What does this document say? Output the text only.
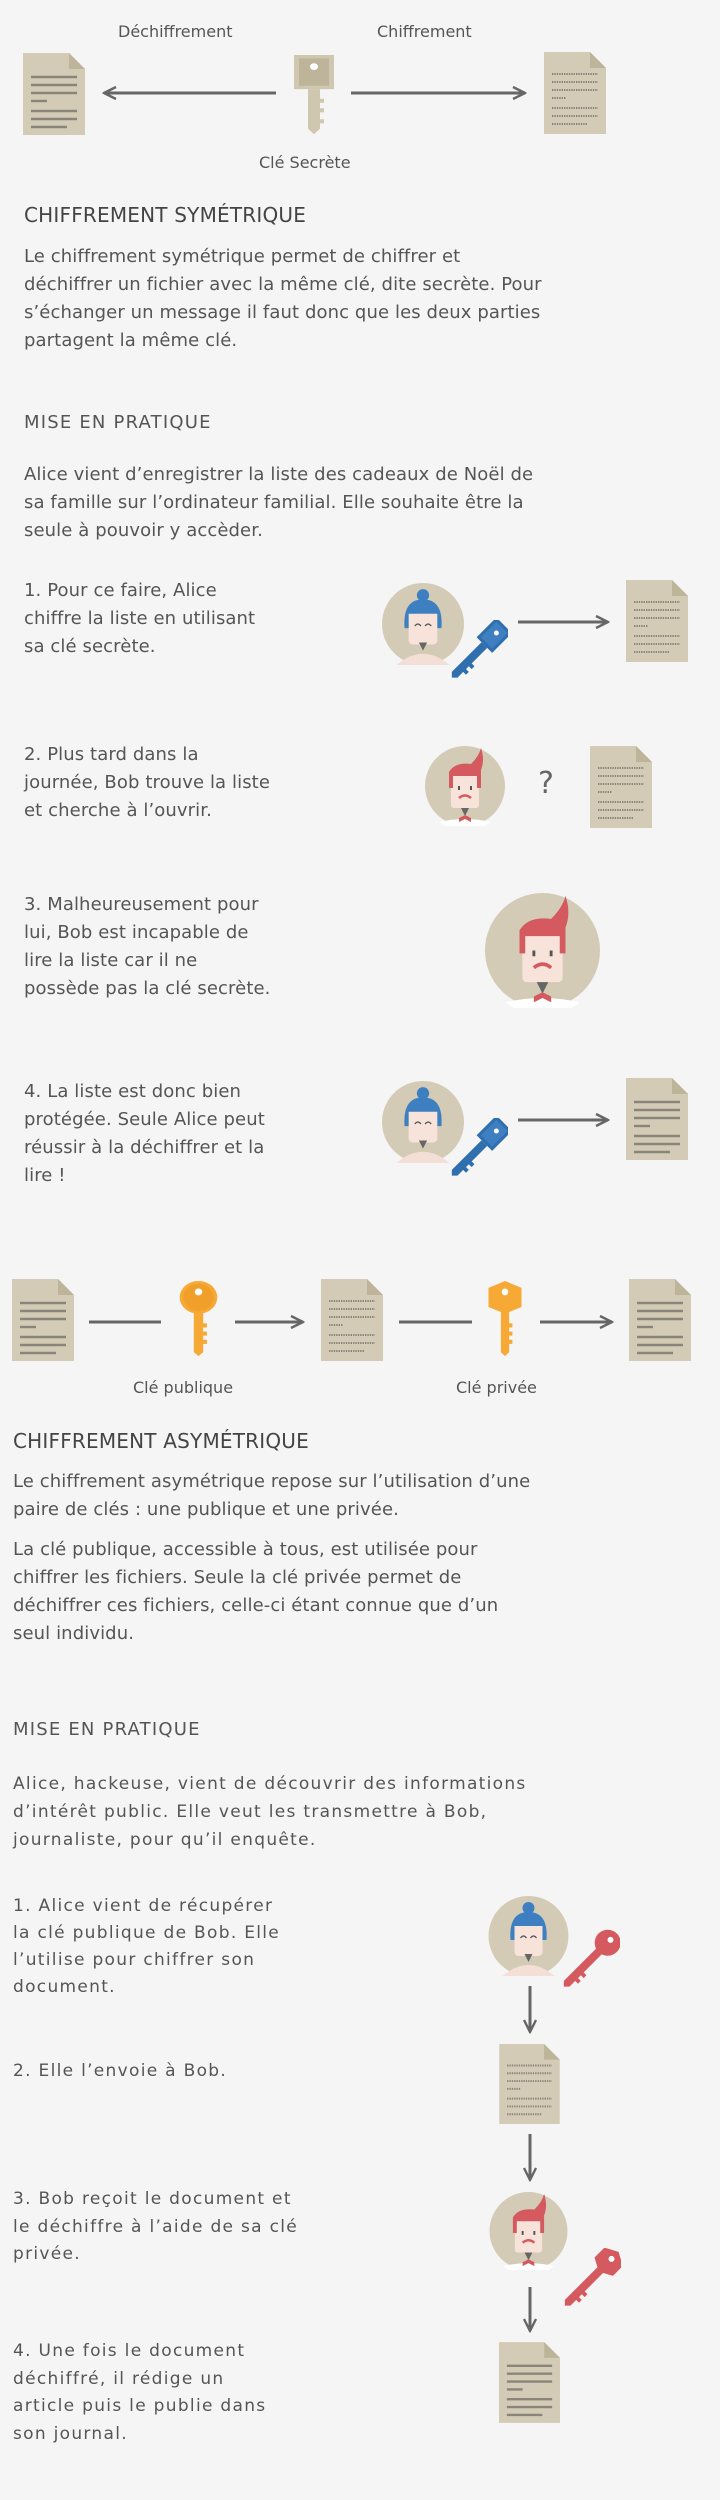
Déchiffrement	Chiffrement
Clé Secrète
CHIFFREMENT SYMÉTRIQUE
Le chiffrement symétrique permet de chiffrer et
déchiffrer un fichier avec la même clé, dite secrète. Pour
s’échanger un message il faut donc que les deux parties
partagent la même clé.
MISE EN PRATIQUE
Alice vient d’enregistrer la liste des cadeaux de Noël de
sa famille sur l’ordinateur familial. Elle souhaite être la
seule à pouvoir y accèder.
1. Pour ce faire, Alice
chiffre la liste en utilisant
sa clé secrète.
2. Plus tard dans la
journée, Bob trouve la liste
et cherche à l’ouvrir.
?
3. Malheureusement pour
lui, Bob est incapable de
lire la liste car il ne
possède pas la clé secrète.
4. La liste est donc bien
protégée. Seule Alice peut
réussir à la déchiffrer et la
lire !
Clé publique	Clé privée
CHIFFREMENT ASYMÉTRIQUE
Le chiffrement asymétrique repose sur l’utilisation d’une
paire de clés : une publique et une privée.
La clé publique, accessible à tous, est utilisée pour
chiffrer les fichiers. Seule la clé privée permet de
déchiffrer ces fichiers, celle-ci étant connue que d’un
seul individu.
MISE EN PRATIQUE
Alice, hackeuse, vient de découvrir des informations
d’intérêt public. Elle veut les transmettre à Bob,
journaliste, pour qu’il enquête.
1. Alice vient de récupérer
la clé publique de Bob. Elle
l’utilise pour chiffrer son
document.
2. Elle l’envoie à Bob.
3. Bob reçoit le document et
le déchiffre à l’aide de sa clé
privée.
4. Une fois le document
déchiffré, il rédige un
article puis le publie dans
son journal.
